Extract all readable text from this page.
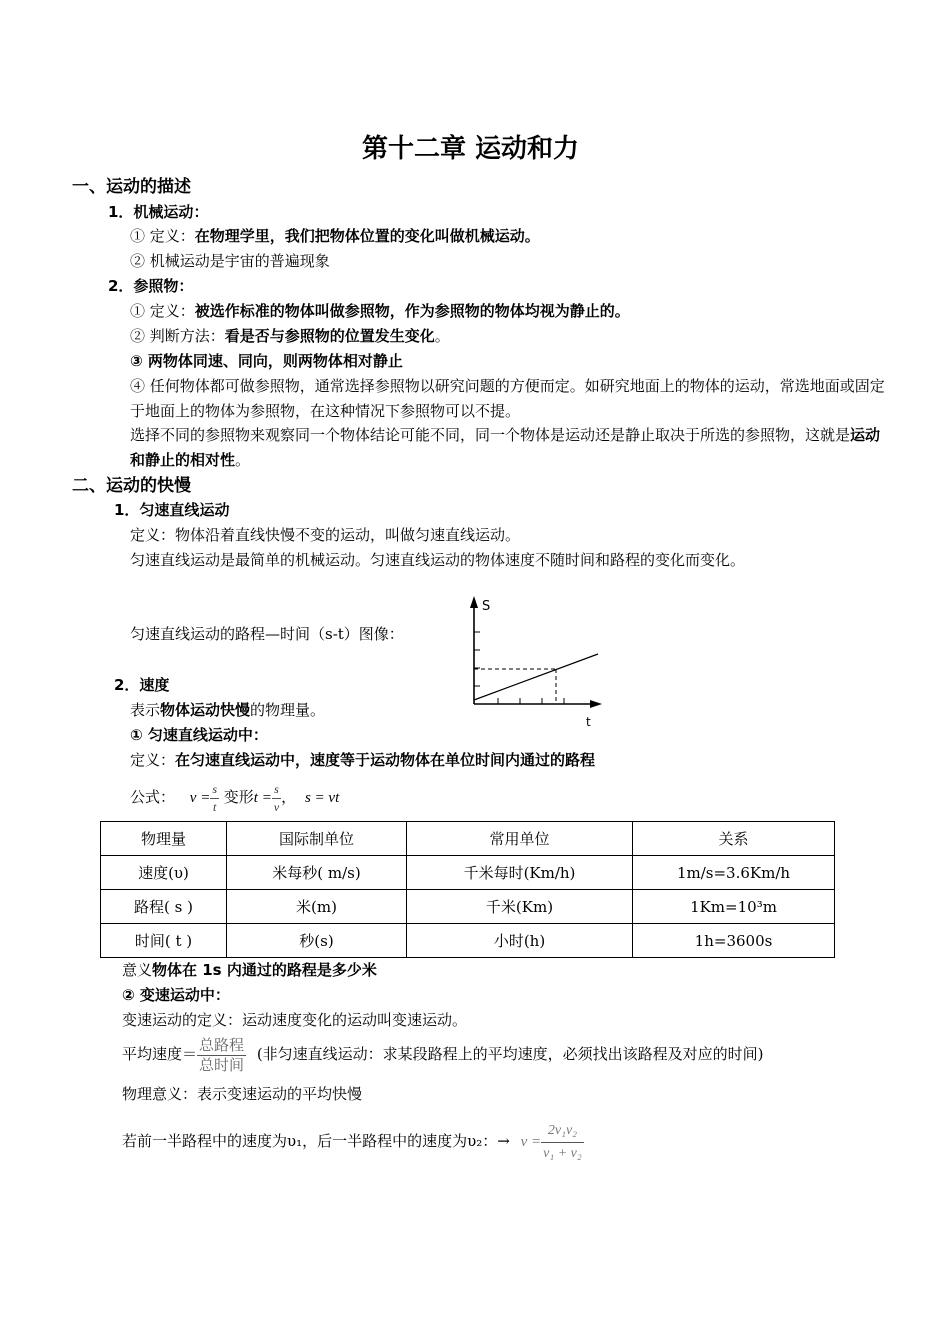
第十二章 运动和力
一、运动的描述
1．机械运动：
① 定义：在物理学里，我们把物体位置的变化叫做机械运动。
② 机械运动是宇宙的普遍现象
2．参照物：
① 定义：被选作标准的物体叫做参照物，作为参照物的物体均视为静止的。
② 判断方法：看是否与参照物的位置发生变化。
③ 两物体同速、同向，则两物体相对静止
④ 任何物体都可做参照物，通常选择参照物以研究问题的方便而定。如研究地面上的物体的运动，常选地面或固定于地面上的物体为参照物，在这种情况下参照物可以不提。
选择不同的参照物来观察同一个物体结论可能不同，同一个物体是运动还是静止取决于所选的参照物，这就是运动和静止的相对性。
二、运动的快慢
1．匀速直线运动
定义：物体沿着直线快慢不变的运动，叫做匀速直线运动。
匀速直线运动是最简单的机械运动。匀速直线运动的物体速度不随时间和路程的变化而变化。
匀速直线运动的路程—时间（s-t）图像：
S
t
2．速度
表示物体运动快慢的物理量。
① 匀速直线运动中：
定义：在匀速直线运动中，速度等于运动物体在单位时间内通过的路程
公式： $v = \frac{s}{t}$ 变形$t = \frac{s}{v}$ ， s = vt
物理量	国际制单位	常用单位	关系
速度(υ)	米每秒( m/s)	千米每时(Km/h)	1m/s=3.6Km/h
路程( s )	米(m)	千米(Km)	1Km=10³m
时间( t )	秒(s)	小时(h)	1h=3600s
意义物体在 1s 内通过的路程是多少米
② 变速运动中：
变速运动的定义：运动速度变化的运动叫变速运动。
平均速度＝ $\frac{\text{总路程}}{\text{总时间}}$ (非匀速直线运动：求某段路程上的平均速度，必须找出该路程及对应的时间)
物理意义：表示变速运动的平均快慢
若前一半路程中的速度为υ₁，后一半路程中的速度为υ₂：→ $v = \frac{\text{2v₁v₂}}{\text{v₁ + v₂}}$
